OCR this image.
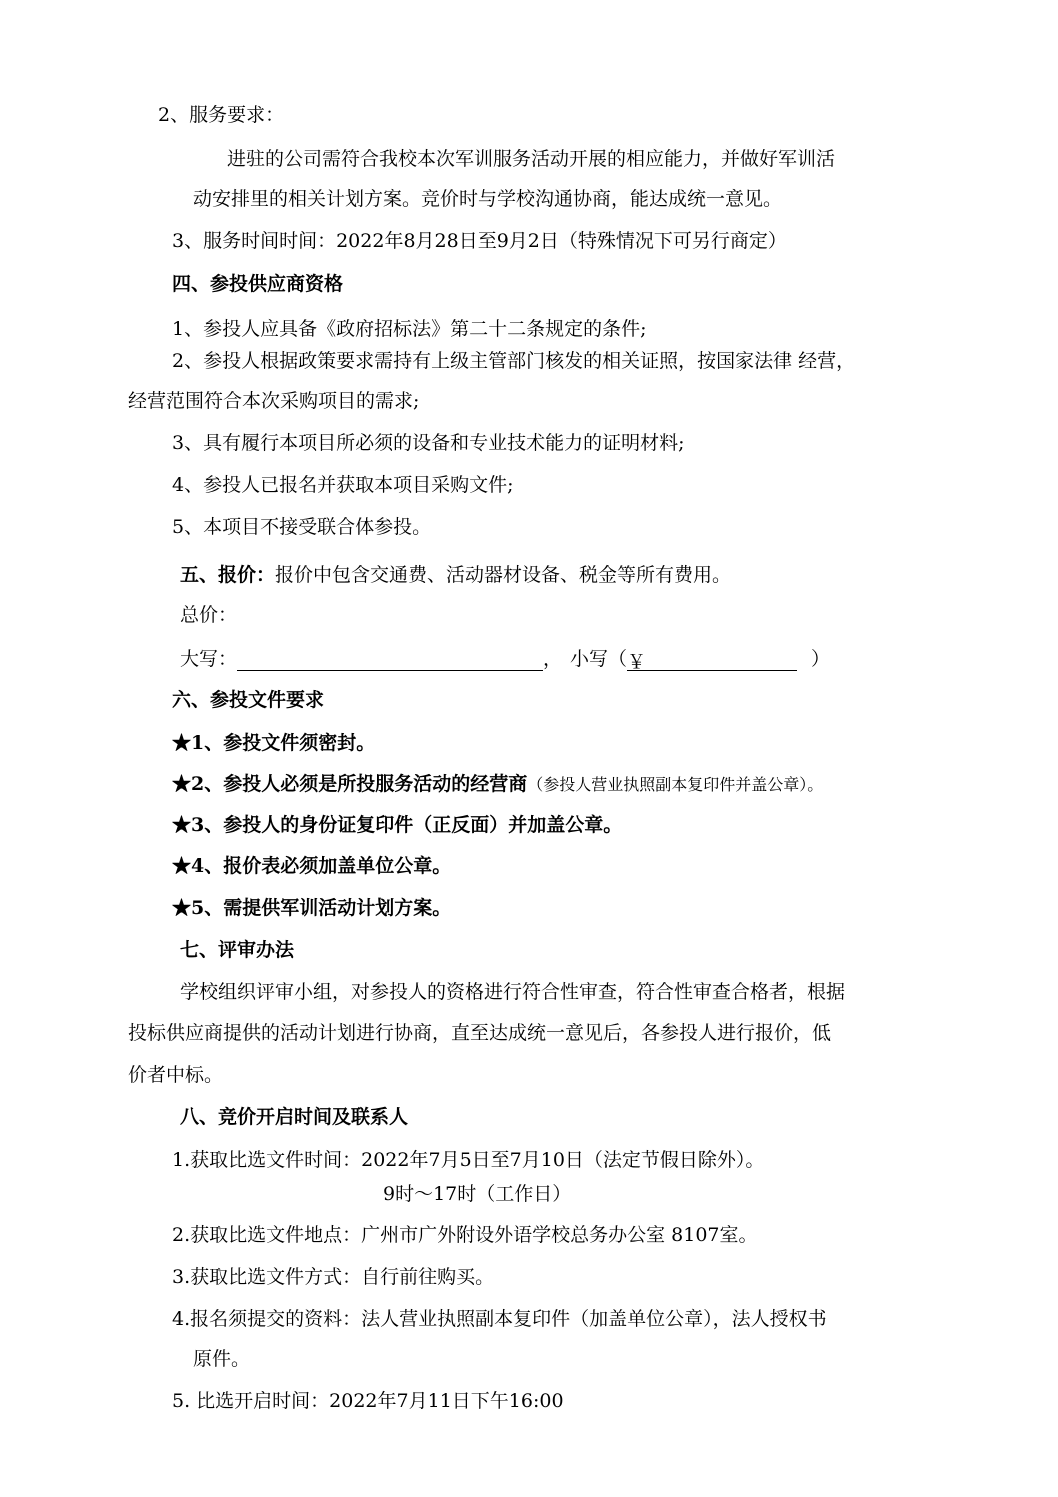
2、服务要求：
进驻的公司需符合我校本次军训服务活动开展的相应能力，并做好军训活
动安排里的相关计划方案。竞价时与学校沟通协商，能达成统一意见。
3、服务时间时间：2022年8月28日至9月2日（特殊情况下可另行商定）
四、参投供应商资格
1、参投人应具备《政府招标法》第二十二条规定的条件;
2、参投人根据政策要求需持有上级主管部门核发的相关证照，按国家法律 经营，
经营范围符合本次采购项目的需求;
3、具有履行本项目所必须的设备和专业技术能力的证明材料;
4、参投人已报名并获取本项目采购文件;
5、本项目不接受联合体参投。
五、报价：报价中包含交通费、活动器材设备、税金等所有费用。
总价：
大写：	， 小写（￥	）
六、参投文件要求
★1、参投文件须密封。
★2、参投人必须是所投服务活动的经营商（参投人营业执照副本复印件并盖公章）。
★3、参投人的身份证复印件（正反面）并加盖公章。
★4、报价表必须加盖单位公章。
★5、需提供军训活动计划方案。
七、评审办法
学校组织评审小组，对参投人的资格进行符合性审查，符合性审查合格者，根据
投标供应商提供的活动计划进行协商，直至达成统一意见后，各参投人进行报价，低
价者中标。
八、竞价开启时间及联系人
1.获取比选文件时间：2022年7月5日至7月10日（法定节假日除外）。
9时～17时（工作日）
2.获取比选文件地点：广州市广外附设外语学校总务办公室 8107室。
3.获取比选文件方式：自行前往购买。
4.报名须提交的资料：法人营业执照副本复印件（加盖单位公章），法人授权书
原件。
5. 比选开启时间：2022年7月11日下午16:00
